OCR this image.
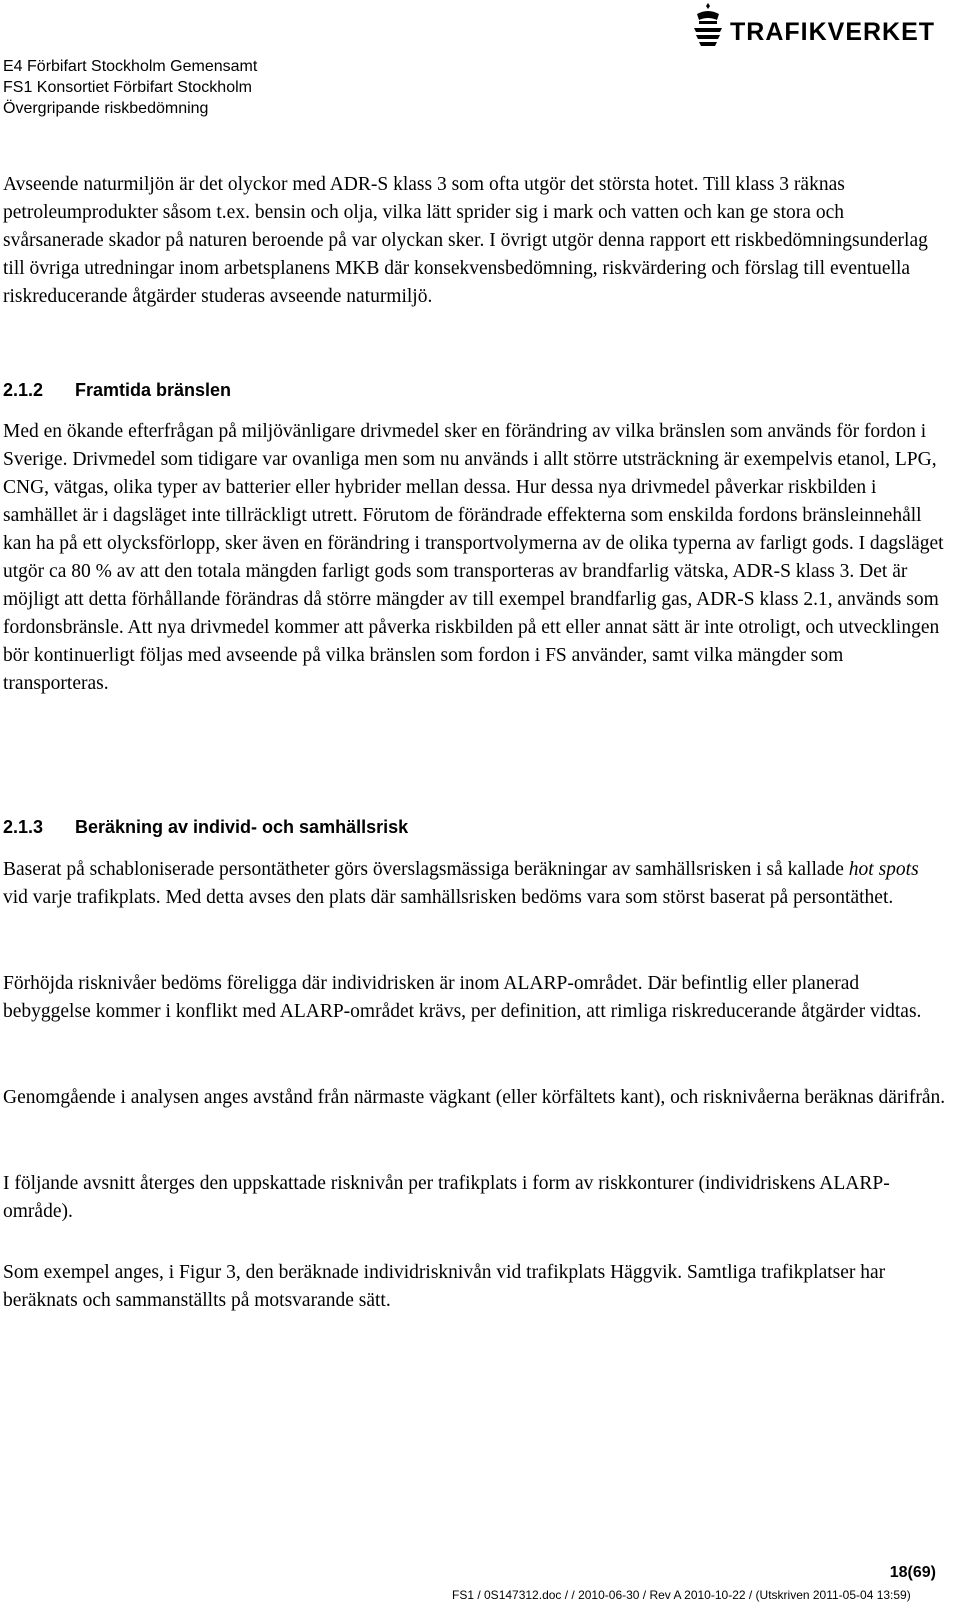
E4 Förbifart Stockholm Gemensamt
FS1 Konsortiet Förbifart Stockholm
Övergripande riskbedömning
TRAFIKVERKET

Avseende naturmiljön är det olyckor med ADR-S klass 3 som ofta utgör det största hotet. Till klass 3 räknas petroleumprodukter såsom t.ex. bensin och olja, vilka lätt sprider sig i mark och vatten och kan ge stora och svårsanerade skador på naturen beroende på var olyckan sker. I övrigt utgör denna rapport ett riskbedömningsunderlag till övriga utredningar inom arbetsplanens MKB där konsekvensbedömning, riskvärdering och förslag till eventuella riskreducerande åtgärder studeras avseende naturmiljö.

2.1.2 Framtida bränslen

Med en ökande efterfrågan på miljövänligare drivmedel sker en förändring av vilka bränslen som används för fordon i Sverige. Drivmedel som tidigare var ovanliga men som nu används i allt större utsträckning är exempelvis etanol, LPG, CNG, vätgas, olika typer av batterier eller hybrider mellan dessa. Hur dessa nya drivmedel påverkar riskbilden i samhället är i dagsläget inte tillräckligt utrett. Förutom de förändrade effekterna som enskilda fordons bränsleinnehåll kan ha på ett olycksförlopp, sker även en förändring i transportvolymerna av de olika typerna av farligt gods. I dagsläget utgör ca 80 % av att den totala mängden farligt gods som transporteras av brandfarlig vätska, ADR-S klass 3. Det är möjligt att detta förhållande förändras då större mängder av till exempel brandfarlig gas, ADR-S klass 2.1, används som fordonsbränsle. Att nya drivmedel kommer att påverka riskbilden på ett eller annat sätt är inte otroligt, och utvecklingen bör kontinuerligt följas med avseende på vilka bränslen som fordon i FS använder, samt vilka mängder som transporteras.

2.1.3 Beräkning av individ- och samhällsrisk

Baserat på schabloniserade persontätheter görs överslagsmässiga beräkningar av samhällsrisken i så kallade hot spots vid varje trafikplats. Med detta avses den plats där samhällsrisken bedöms vara som störst baserat på persontäthet.

Förhöjda risknivåer bedöms föreligga där individrisken är inom ALARP-området. Där befintlig eller planerad bebyggelse kommer i konflikt med ALARP-området krävs, per definition, att rimliga riskreducerande åtgärder vidtas.

Genomgående i analysen anges avstånd från närmaste vägkant (eller körfältets kant), och risknivåerna beräknas därifrån.

I följande avsnitt återges den uppskattade risknivån per trafikplats i form av riskkonturer (individriskens ALARP-område).

Som exempel anges, i Figur 3, den beräknade individrisknivån vid trafikplats Häggvik. Samtliga trafikplatser har beräknats och sammanställts på motsvarande sätt.

18(69)
FS1 / 0S147312.doc / / 2010-06-30 / Rev A 2010-10-22 / (Utskriven 2011-05-04 13:59)
